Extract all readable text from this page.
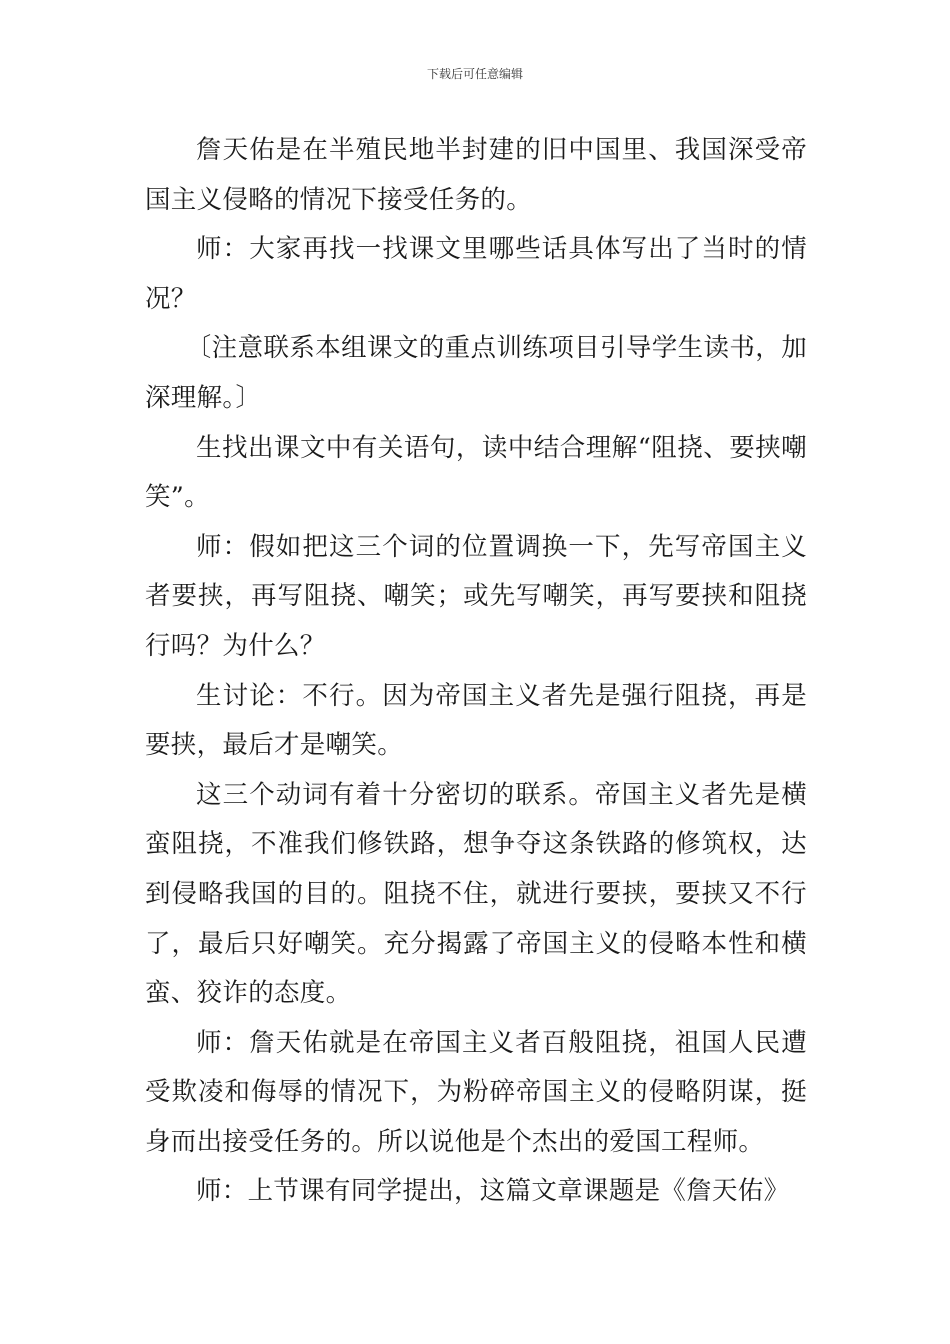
下载后可任意编辑

詹天佑是在半殖民地半封建的旧中国里、我国深受帝国主义侵略的情况下接受任务的。

师：大家再找一找课文里哪些话具体写出了当时的情况？

〔注意联系本组课文的重点训练项目引导学生读书，加深理解。〕

生找出课文中有关语句，读中结合理解“阻挠、要挟嘲笑”。

师：假如把这三个词的位置调换一下，先写帝国主义者要挟，再写阻挠、嘲笑；或先写嘲笑，再写要挟和阻挠行吗？为什么？

生讨论：不行。因为帝国主义者先是强行阻挠，再是要挟，最后才是嘲笑。

这三个动词有着十分密切的联系。帝国主义者先是横蛮阻挠，不准我们修铁路，想争夺这条铁路的修筑权，达到侵略我国的目的。阻挠不住，就进行要挟，要挟又不行了，最后只好嘲笑。充分揭露了帝国主义的侵略本性和横蛮、狡诈的态度。

师：詹天佑就是在帝国主义者百般阻挠，祖国人民遭受欺凌和侮辱的情况下，为粉碎帝国主义的侵略阴谋，挺身而出接受任务的。所以说他是个杰出的爱国工程师。

师：上节课有同学提出，这篇文章课题是《詹天佑》
